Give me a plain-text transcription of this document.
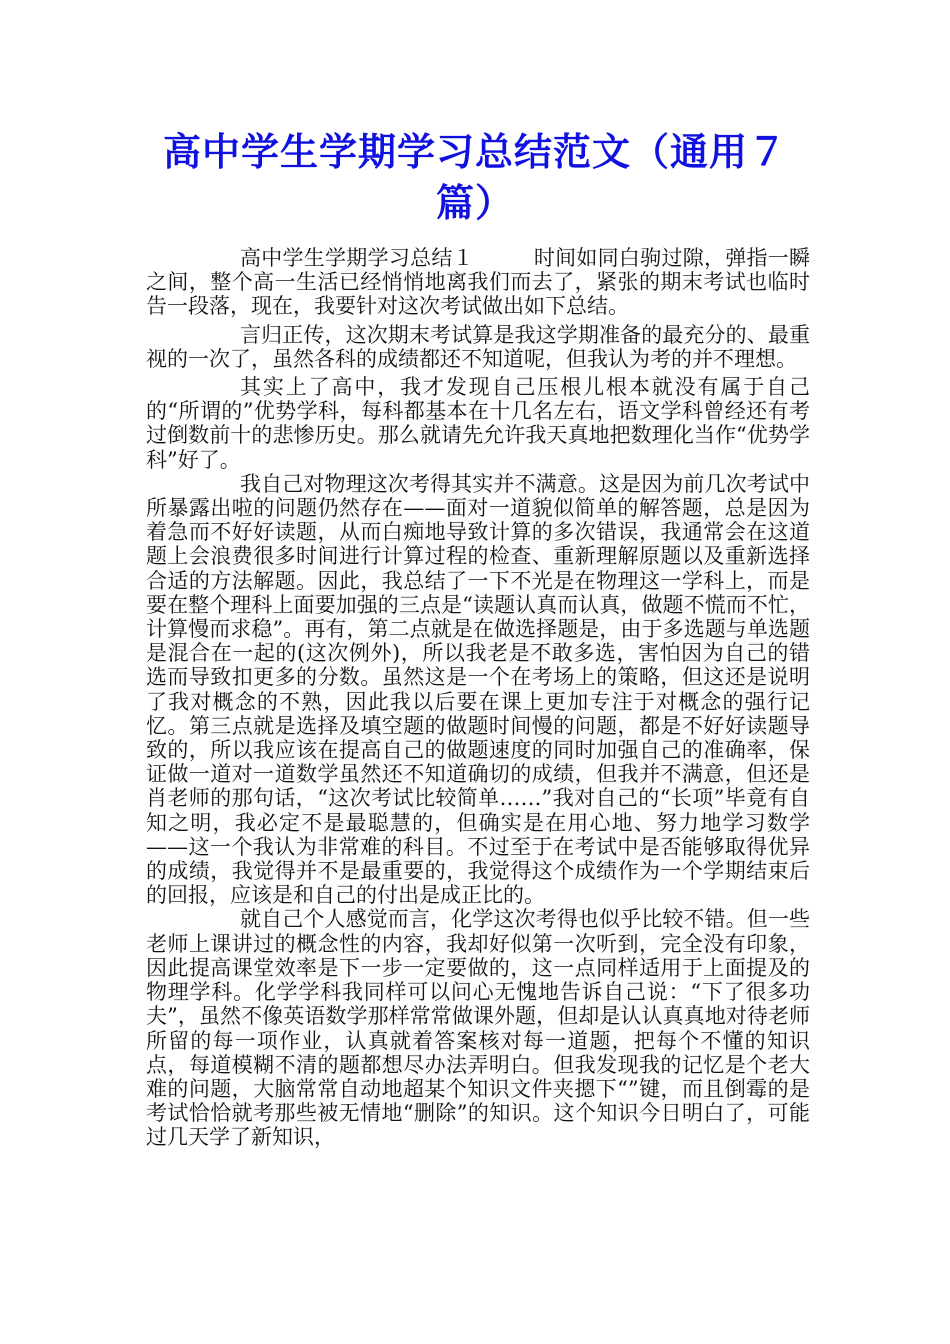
高中学生学期学习总结范文（通用７篇）

高中学生学期学习总结１	时间如同白驹过隙，弹指一瞬之间，整个高一生活已经悄悄地离我们而去了，紧张的期末考试也临时告一段落，现在，我要针对这次考试做出如下总结。

言归正传，这次期末考试算是我这学期准备的最充分的、最重视的一次了，虽然各科的成绩都还不知道呢，但我认为考的并不理想。

其实上了高中，我才发现自己压根儿根本就没有属于自己的“所谓的”优势学科，每科都基本在十几名左右，语文学科曾经还有考过倒数前十的悲惨历史。那么就请先允许我天真地把数理化当作“优势学科”好了。

我自己对物理这次考得其实并不满意。这是因为前几次考试中所暴露出啦的问题仍然存在——面对一道貌似简单的解答题，总是因为着急而不好好读题，从而白痴地导致计算的多次错误，我通常会在这道题上会浪费很多时间进行计算过程的检查、重新理解原题以及重新选择合适的方法解题。因此，我总结了一下不光是在物理这一学科上，而是要在整个理科上面要加强的三点是“读题认真而认真，做题不慌而不忙，计算慢而求稳”。再有，第二点就是在做选择题是，由于多选题与单选题是混合在一起的(这次例外)，所以我老是不敢多选，害怕因为自己的错选而导致扣更多的分数。虽然这是一个在考场上的策略，但这还是说明了我对概念的不熟，因此我以后要在课上更加专注于对概念的强行记忆。第三点就是选择及填空题的做题时间慢的问题，都是不好好读题导致的，所以我应该在提高自己的做题速度的同时加强自己的准确率，保证做一道对一道数学虽然还不知道确切的成绩，但我并不满意，但还是肖老师的那句话，“这次考试比较简单……”我对自己的“长项”毕竟有自知之明，我必定不是最聪慧的，但确实是在用心地、努力地学习数学——这一个我认为非常难的科目。不过至于在考试中是否能够取得优异的成绩，我觉得并不是最重要的，我觉得这个成绩作为一个学期结束后的回报，应该是和自己的付出是成正比的。

就自己个人感觉而言，化学这次考得也似乎比较不错。但一些老师上课讲过的概念性的内容，我却好似第一次听到，完全没有印象，因此提高课堂效率是下一步一定要做的，这一点同样适用于上面提及的物理学科。化学学科我同样可以问心无愧地告诉自己说：“下了很多功夫”，虽然不像英语数学那样常常做课外题，但却是认认真真地对待老师所留的每一项作业，认真就着答案核对每一道题，把每个不懂的知识点，每道模糊不清的题都想尽办法弄明白。但我发现我的记忆是个老大难的问题，大脑常常自动地超某个知识文件夹摁下“”键，而且倒霉的是考试恰恰就考那些被无情地“删除”的知识。这个知识今日明白了，可能过几天学了新知识，
